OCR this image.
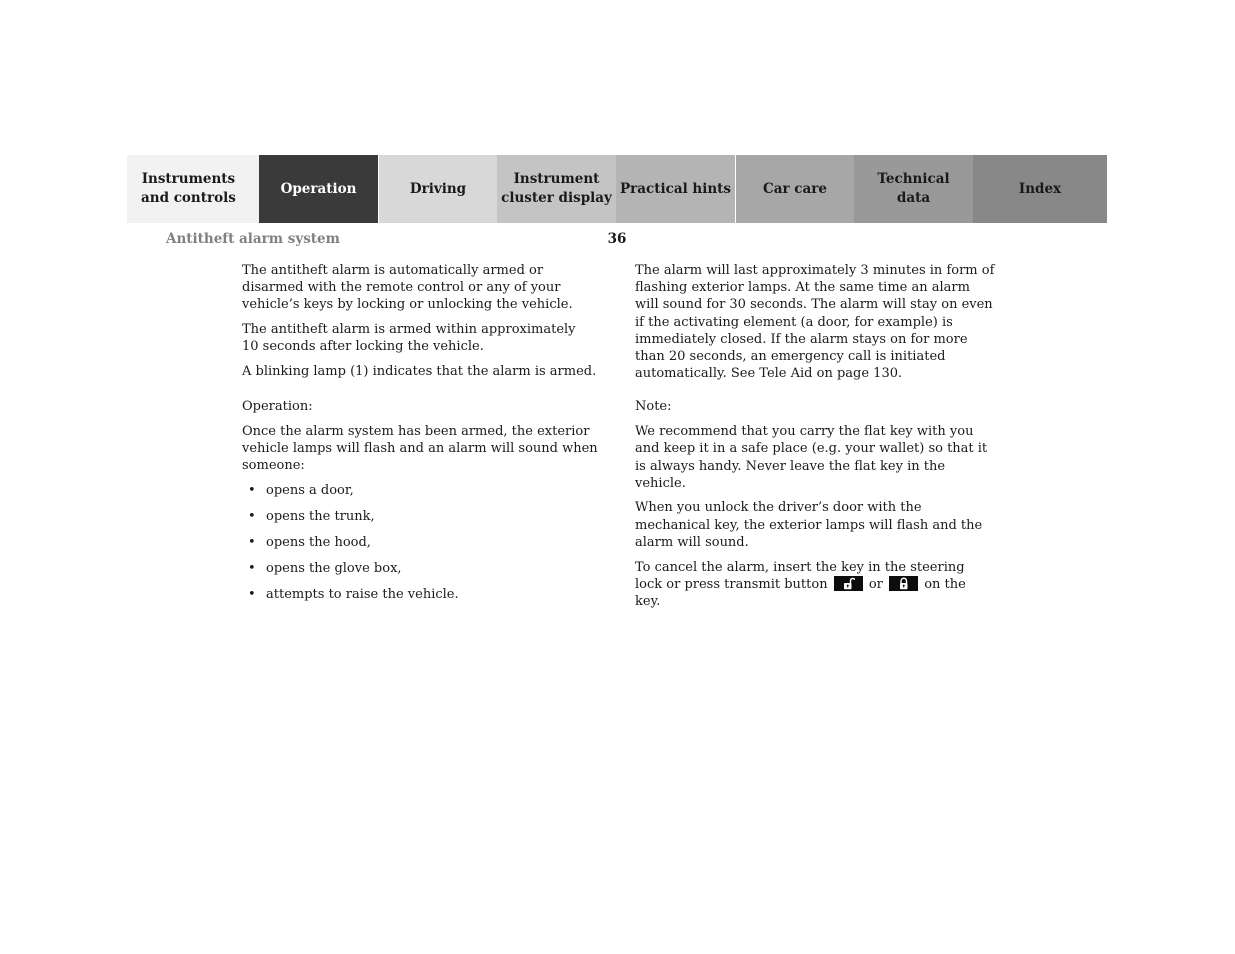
Instruments
and controls
Operation	Driving
Instrument
cluster display
Practical hints Car care
Technical
data
Index
Antitheft alarm system	36

The antitheft alarm is automatically armed or disarmed with the remote control or any of your vehicle’s keys by locking or unlocking the vehicle.

The antitheft alarm is armed within approximately
10 seconds after locking the vehicle.

A blinking lamp (1) indicates that the alarm is armed.

Operation:

Once the alarm system has been armed, the exterior vehicle lamps will flash and an alarm will sound when someone:

• opens a door,
• opens the trunk,
• opens the hood,
• opens the glove box,
• attempts to raise the vehicle.

The alarm will last approximately 3 minutes in form of flashing exterior lamps. At the same time an alarm will sound for 30 seconds. The alarm will stay on even if the activating element (a door, for example) is immediately closed. If the alarm stays on for more than 20 seconds, an emergency call is initiated automatically. See Tele Aid on page 130.

Note:

We recommend that you carry the flat key with you and keep it in a safe place (e.g. your wallet) so that it is always handy. Never leave the flat key in the vehicle.

When you unlock the driver’s door with the mechanical key, the exterior lamps will flash and the alarm will sound.

To cancel the alarm, insert the key in the steering lock or press transmit button	or	on the key.
